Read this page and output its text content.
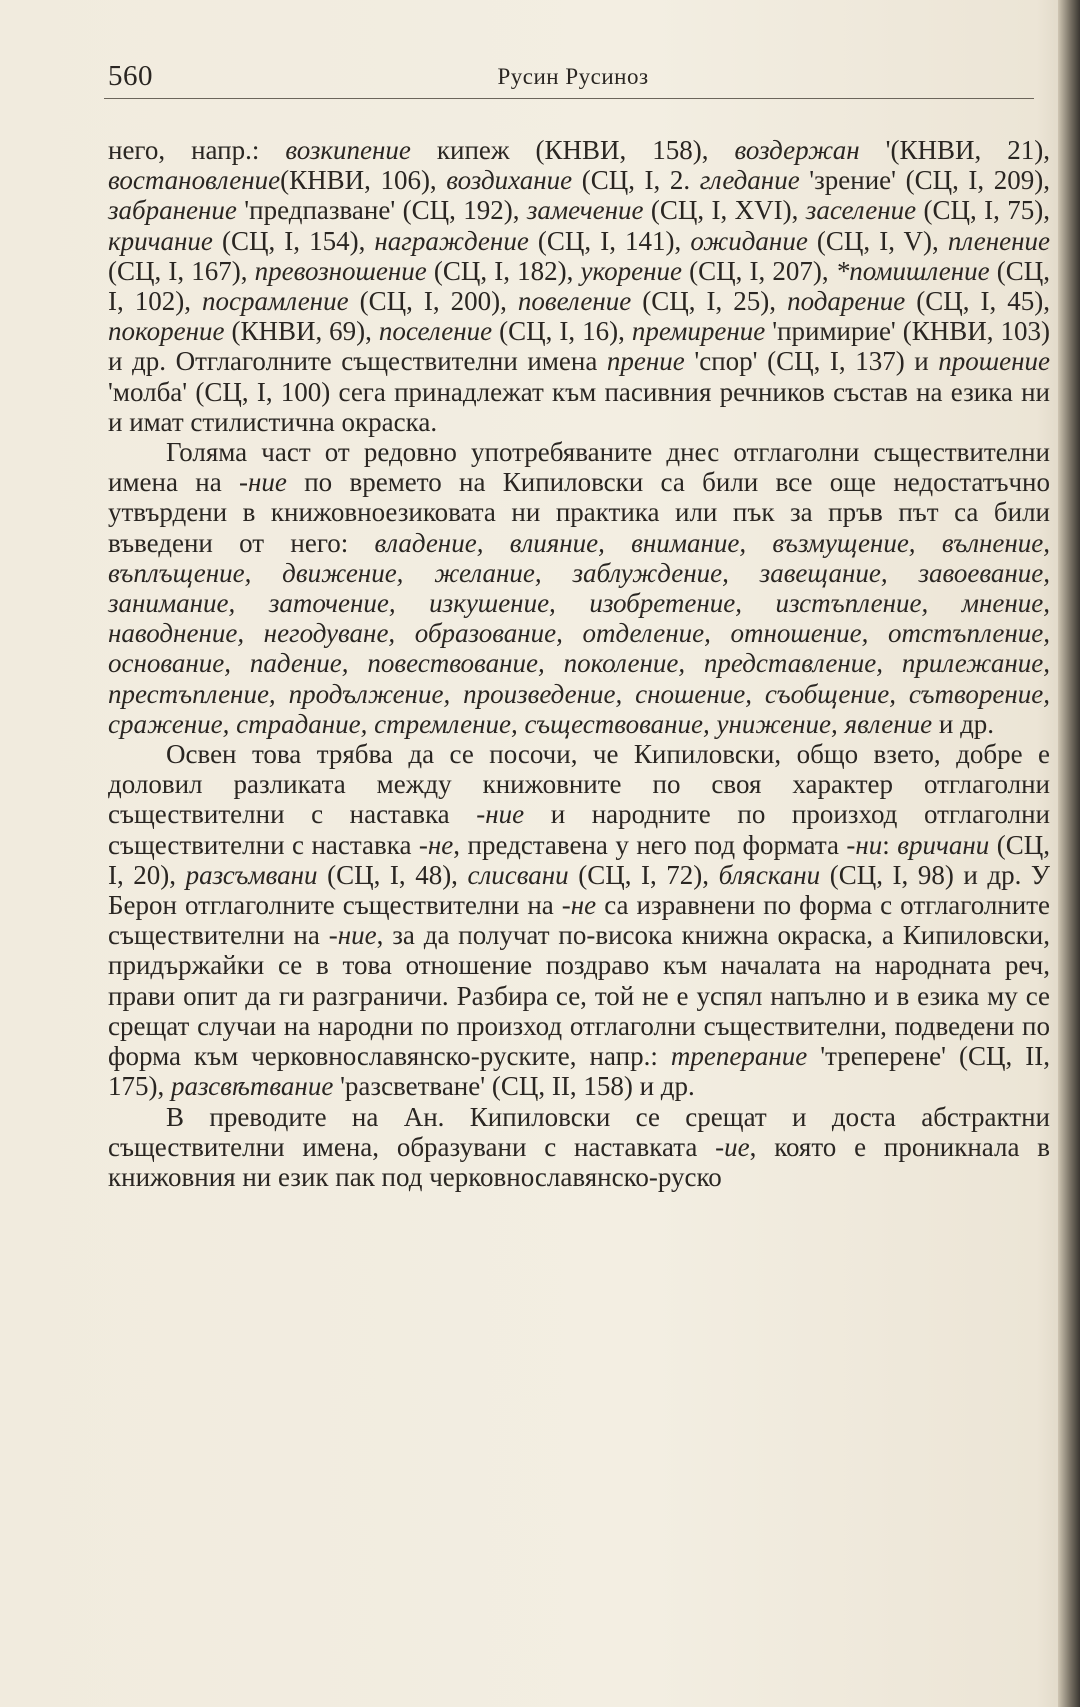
560	Русин Русиноз

него, напр.: возкипение кипеж (КНВИ, 158), воздержан '(КНВИ, 21), востановление(КНВИ, 106), воздихание (СЦ, I, 2. гледание 'зрение' (СЦ, I, 209), забранение 'предпазване' (СЦ, 192), замечение (СЦ, I, XVI), заселение (СЦ, I, 75), кричание (СЦ, I, 154), награждение (СЦ, I, 141), ожидание (СЦ, I, V), пленение (СЦ, I, 167), превозношение (СЦ, I, 182), укорение (СЦ, I, 207), *помишление (СЦ, I, 102), посрамление (СЦ, I, 200), повеление (СЦ, I, 25), подарение (СЦ, I, 45), покорение (КНВИ, 69), поселение (СЦ, I, 16), премирение 'примирие' (КНВИ, 103) и др. Отглаголните съществителни имена прение 'спор' (СЦ, I, 137) и прошение 'молба' (СЦ, I, 100) сега принадлежат към пасивния речников състав на езика ни и имат стилистична окраска.

Голяма част от редовно употребяваните днес отглаголни съществителни имена на -ние по времето на Кипиловски са били все още недостатъчно утвърдени в книжовноезиковата ни практика или пък за пръв път са били въведени от него: владение, влияние, внимание, възмущение, вълнение, въплъщение, движение, желание, заблуждение, завещание, завоевание, занимание, заточение, изкушение, изобретение, изстъпление, мнение, наводнение, негодуване, образование, отделение, отношение, отстъпление, основание, падение, повествование, поколение, представление, прилежание, престъпление, продължение, произведение, сношение, съобщение, сътворение, сражение, страдание, стремление, съществование, унижение, явление и др.

Освен това трябва да се посочи, че Кипиловски, общо взето, добре е доловил разликата между книжовните по своя характер отглаголни съществителни с наставка -ние и народните по произход отглаголни съществителни с наставка -не, представена у него под формата -ни: вричани (СЦ, I, 20), разсъмвани (СЦ, I, 48), слисвани (СЦ, I, 72), бляскани (СЦ, I, 98) и др. У Берон отглаголните съществителни на -не са изравнени по форма с отглаголните съществителни на -ние, за да получат по-висока книжна окраска, а Кипиловски, придържайки се в това отношение поздраво към началата на народната реч, прави опит да ги разграничи. Разбира се, той не е успял напълно и в езика му се срещат случаи на народни по произход отглаголни съществителни, подведени по форма към черковнославянско-руските, напр.: трепеpание 'треперене' (СЦ, II, 175), разсвѣтвание 'разсветване' (СЦ, II, 158) и др.

В преводите на Ан. Кипиловски се срещат и доста абстрактни съществителни имена, образувани с наставката -ие, която е проникнала в книжовния ни език пак под черковнославянско-руско
